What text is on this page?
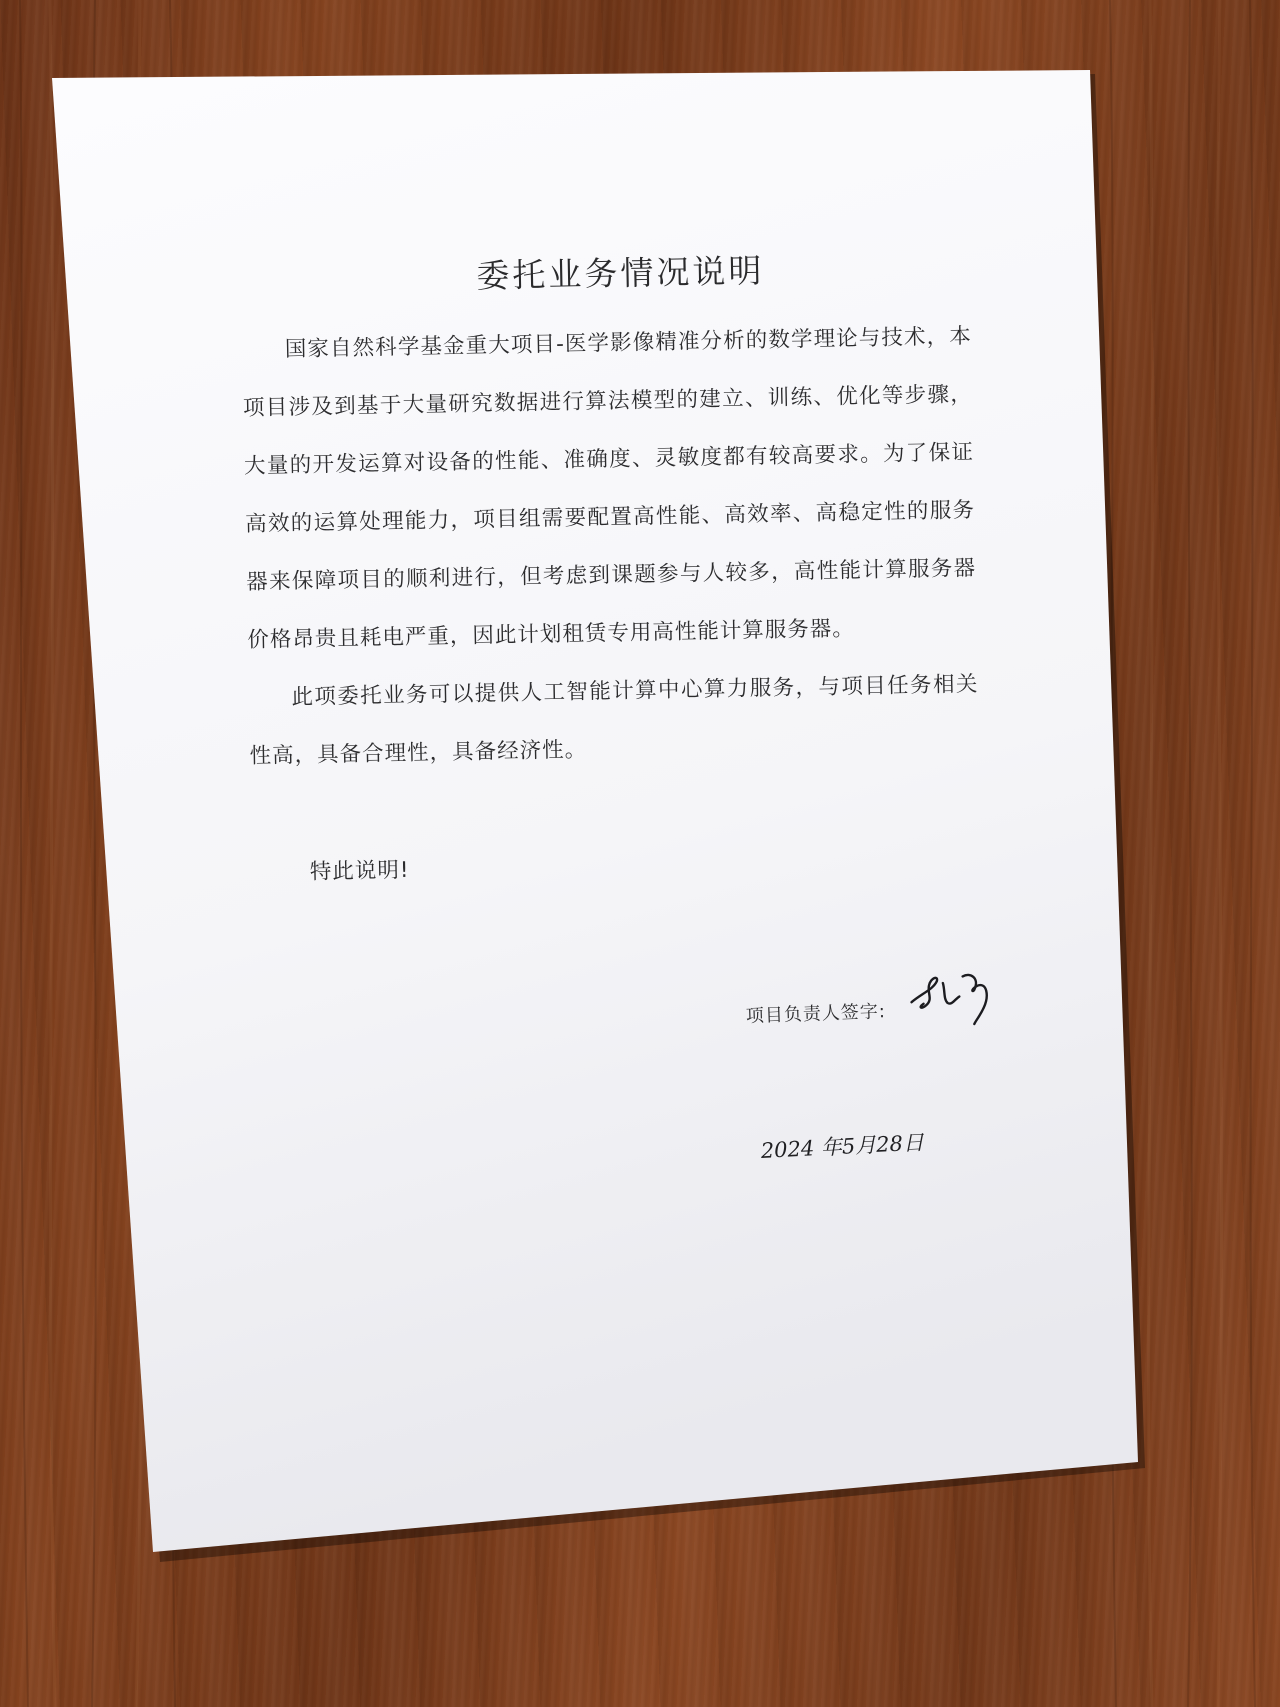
委托业务情况说明

国家自然科学基金重大项目-医学影像精准分析的数学理论与技术，本项目涉及到基于大量研究数据进行算法模型的建立、训练、优化等步骤，大量的开发运算对设备的性能、准确度、灵敏度都有较高要求。为了保证高效的运算处理能力，项目组需要配置高性能、高效率、高稳定性的服务器来保障项目的顺利进行，但考虑到课题参与人较多，高性能计算服务器价格昂贵且耗电严重，因此计划租赁专用高性能计算服务器。

此项委托业务可以提供人工智能计算中心算力服务，与项目任务相关性高，具备合理性，具备经济性。

特此说明!

项目负责人签字:
2024 年5月28日
